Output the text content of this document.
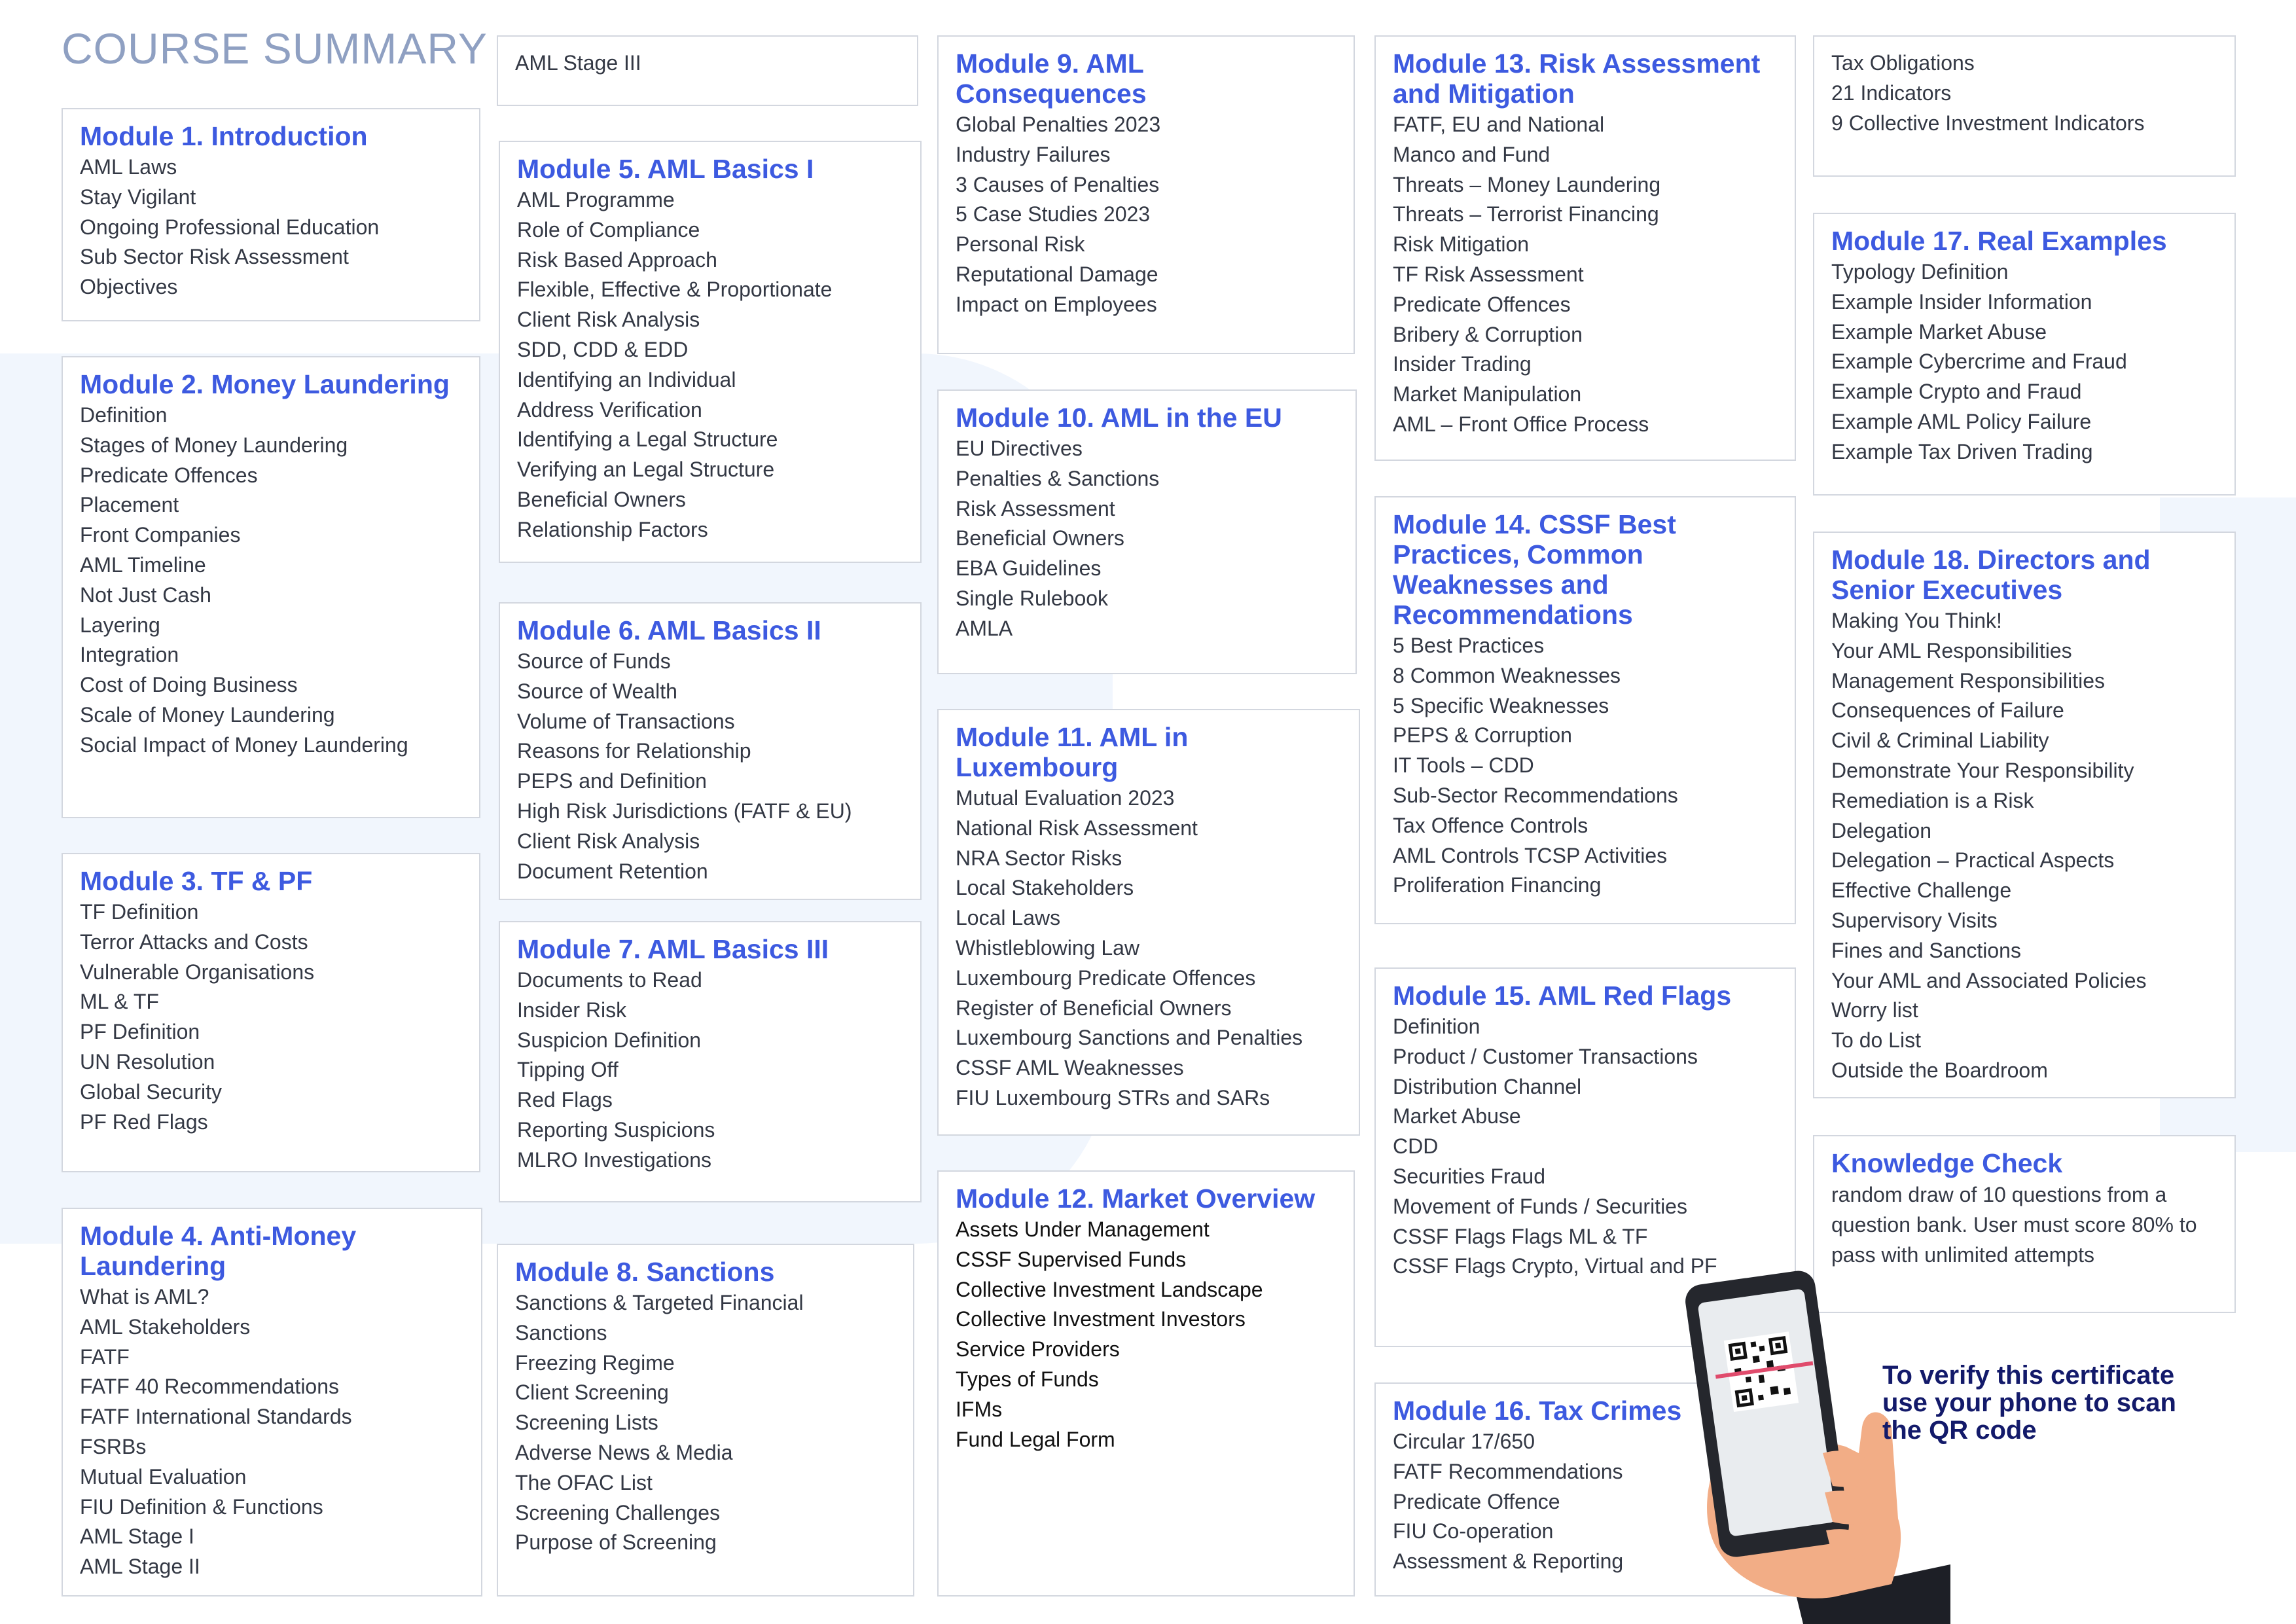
COURSE SUMMARY AML Stage III
Module 1. Introduction
AML Laws
Stay Vigilant
Ongoing Professional Education
Sub Sector Risk Assessment
Objectives
Module 2. Money Laundering
Definition
Stages of Money Laundering
Predicate Offences
Placement
Front Companies
AML Timeline
Not Just Cash
Layering
Integration
Cost of Doing Business
Scale of Money Laundering
Social Impact of Money Laundering
Module 3. TF & PF
TF Definition
Terror Attacks and Costs
Vulnerable Organisations
ML & TF
PF Definition
UN Resolution
Global Security
PF Red Flags
Module 4. Anti-Money Laundering
What is AML?
AML Stakeholders
FATF
FATF 40 Recommendations
FATF International Standards
FSRBs
Mutual Evaluation
FIU Definition & Functions
AML Stage I
AML Stage II
Module 5. AML Basics I
AML Programme
Role of Compliance
Risk Based Approach
Flexible, Effective & Proportionate
Client Risk Analysis
SDD, CDD & EDD
Identifying an Individual
Address Verification
Identifying a Legal Structure
Verifying an Legal Structure
Beneficial Owners
Relationship Factors
Module 6. AML Basics II
Source of Funds
Source of Wealth
Volume of Transactions
Reasons for Relationship
PEPS and Definition
High Risk Jurisdictions (FATF & EU)
Client Risk Analysis
Document Retention
Module 7. AML Basics III
Documents to Read
Insider Risk
Suspicion Definition
Tipping Off
Red Flags
Reporting Suspicions
MLRO Investigations
Module 8. Sanctions
Sanctions & Targeted Financial
Sanctions
Freezing Regime
Client Screening
Screening Lists
Adverse News & Media
The OFAC List
Screening Challenges
Purpose of Screening
Module 9. AML Consequences
Global Penalties 2023
Industry Failures
3 Causes of Penalties
5 Case Studies 2023
Personal Risk
Reputational Damage
Impact on Employees
Module 10. AML in the EU
EU Directives
Penalties & Sanctions
Risk Assessment
Beneficial Owners
EBA Guidelines
Single Rulebook
AMLA
Module 11. AML in Luxembourg
Mutual Evaluation 2023
National Risk Assessment
NRA Sector Risks
Local Stakeholders
Local Laws
Whistleblowing Law
Luxembourg Predicate Offences
Register of Beneficial Owners
Luxembourg Sanctions and Penalties
CSSF AML Weaknesses
FIU Luxembourg STRs and SARs
Module 12. Market Overview
Assets Under Management
CSSF Supervised Funds
Collective Investment Landscape
Collective Investment Investors
Service Providers
Types of Funds
IFMs
Fund Legal Form
Module 13. Risk Assessment and Mitigation
FATF, EU and National
Manco and Fund
Threats – Money Laundering
Threats – Terrorist Financing
Risk Mitigation
TF Risk Assessment
Predicate Offences
Bribery & Corruption
Insider Trading
Market Manipulation
AML – Front Office Process
Module 14. CSSF Best Practices, Common Weaknesses and Recommendations
5 Best Practices
8 Common Weaknesses
5 Specific Weaknesses
PEPS & Corruption
IT Tools – CDD
Sub-Sector Recommendations
Tax Offence Controls
AML Controls TCSP Activities
Proliferation Financing
Module 15. AML Red Flags
Definition
Product / Customer Transactions
Distribution Channel
Market Abuse
CDD
Securities Fraud
Movement of Funds / Securities
CSSF Flags Flags ML & TF
CSSF Flags Crypto, Virtual and PF
Module 16. Tax Crimes
Circular 17/650
FATF Recommendations
Predicate Offence
FIU Co-operation
Assessment & Reporting
Tax Obligations
21 Indicators
9 Collective Investment Indicators
Module 17. Real Examples
Typology Definition
Example Insider Information
Example Market Abuse
Example Cybercrime and Fraud
Example Crypto and Fraud
Example AML Policy Failure
Example Tax Driven Trading
Module 18. Directors and Senior Executives
Making You Think!
Your AML Responsibilities
Management Responsibilities
Consequences of Failure
Civil & Criminal Liability
Demonstrate Your Responsibility
Remediation is a Risk
Delegation
Delegation – Practical Aspects
Effective Challenge
Supervisory Visits
Fines and Sanctions
Your AML and Associated Policies
Worry list
To do List
Outside the Boardroom
Knowledge Check

random draw of 10 questions from a question bank. User must score 80% to pass with unlimited attempts

To verify this certificate
use your phone to scan
the QR code
